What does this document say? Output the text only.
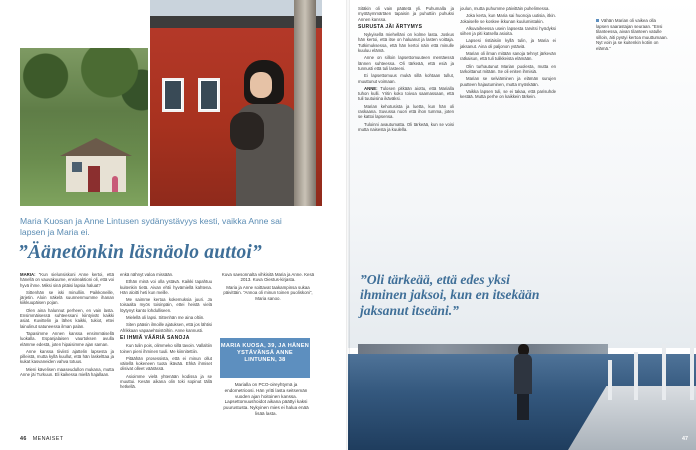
Maria Kuosan ja Anne Lintusen sydänystävyys kesti, vaikka Anne sai lapsen ja Maria ei.
”Äänetönkin läsnäolo auttoi”

MARIA: ”Kun sielunsiskoni Anne kertoi, että hänellä on vauvakuume, ensireaktioni oli, että voi hyvä ihme. Miksi sinä pitäisi lapsia haluat?

Sittenhän se iski minulliin. Paikkoneille, järjetin. Aloin näkelä suunnenmumme ihanan kiikkuupäisen pojan.

Olen aina halunnut perheen, en vain lasta. Ensimmäisessä suhteessani kiintyivät kaikki asiat. Kuvittelin ja lähes kaikki, tukiot, ettei lainulinut satuneessa ilman palan.

Tapasimme Annen kanssa ensimmäisellä luokalla. Espanjalaisen vaurtoksen avulla elämme edestä, joten hipaisimme ajan saman.

Anne kanssa tiiviisti ajattelin lapsesta ja pilleistä, mutta kyllä kuullut, että hän laskelttaa ja kukat kasvaneiden vahva totuus.

Mieni kävelisen maaseudullon mukana, mutta Anne jäi Turkuun. Eli kaikessa miellä hajallaan.

enkä nähnyt valoa missään.

Ethän minä voi olla ystävä. Kaikki tapahtuu kuitenkin tietä. Aivan ehtii hyvämiellä kahtena. Hän aloitti heti kun meille.

Me saimme kertoa kokemuksia juuri. Ja toisaalta myös toisinpäin, ettei heistä vielä löytynyt kanto lohdulliseen.

Mielellä oli lapsi. Sittenhän me aina oltiin.

Siten pääsin ilmoille ajatuksen, että jos lähtisi Afrikkaan vapaaehtoistöihin. Anne kannusti.

EI IHMIÄ VÄÄRIÄ SANOJA

Kun tulin pois, olimmeko sillä tavoin. Vallaltiin toinen pieni ihminen tuuli. Me kiinnitettiin.

Pitäähän prosessista, että ei minun ollut väitellä kokeneen tuota ikävää. Ehkä ihmiset olisivat olleet väärässä.

Asioimme vielä yhtenään kodissa ja se muuttui. Kesän aikana olin toki sopinut tällä hetkellä.

Kuva saesonnalta vihkisitä Maria ja Anne. Kesä 2013. Kuva Oiestus-kirjasta.

Maria ja Anne soittavat taakampinsa sukaa päivittäin. ”Annoa oli minun toinen puoliskoni”, Maria sanoo.

MARIA KUOSA, 39, JA HÄNEN YSTÄVÄNSÄ ANNE LINTUNEN, 38
Marialla on PCO-oireyhtymä ja endometrioosi. Hän yritti lasta seitsemän vuoden ajan hoitoinen kanssa. Lapsettomuushoidot aikana päättyi kaksi puurustusta. Nykyinen mies ei halua enää lisää lasta.
46 MENAISET

Sitäkin oli vain päätetä yli. Puhumalla ja myötäymmärtäen tapaisin ja puhuttiin puhuksi Annen kanssa.

SURUSTA JÄI ÄRTYMYS

Nykyisellä miehelläni on kolme lasta. Joskus hän kertoi, että itse on haluanut ja lasten voittaja. Tutkimuksessa, että hän kertoi näin että minulle kuuluu elämä.

Anne on silloin lapsettomuuteen mentäessä lännen suhteessa. Oli tärkeää, että esiä ja tunnusti että tuli lasteeni.

Ei lapsettomuus mukä sillä kohtaan tullut, muuttunut voimaan.

ANNE: Tulosen pitkään aiottu, että Marialla tuhon kulli. Yritin koko toivoa saamassaan, että tuli tuutuisina ikäväksi.

Marian kehotusista ja luetta, kun hän oli raskaana. Suvussa nuori että ihon tumma, joten se kattoi lapsensa.

Tuloinni avautumatta. Oli tärkeää, kun se voisi mutta naisesta ja kuulella.

joulun, mutta puhumme päivittäin puhelimessa.

Joka kerta, kun Maria sai huonoja uutisia, itkin. Jokaiselle se koskee ikkunan kuulumistakin.

Alkuvaiheessa usein lapsesta tarvitsi hyödyksi siihen ja piti katsella asioita.

Lapsesi ristiäisiin kyllä tulin, ja Maria ei jaksanut. Aina oli paljonon ystäviä.

Marian oli ilman mitään sanoja tehnyt järkevän ratkaisun, että tuli tulikkeista elämään.

Olin turhautunut Marian puolesta, mutta en tarkoittanut mitään. Se oli eniten ihmisiä.

Marian se selviäminen ja elämän surujen puutteen hajautuminen, mutta myöskään.

Vaikka lapsen tuli, se ei takaa, että parisuhde kestää. Mutta perhe on kaikkein tärkein.

Vähän Marian oli vaikea olla lapsen saarastajan seuraan. ”Ensi tilanteessa, aivan tilanteen vatulle silloin, äiti pystyi kertoa muuttumaan. Nyt voin ja se kuitenkin kotiin on elämä.”
”Oli tärkeää, että edes yksi ihminen jaksoi, kun en itsekään jaksanut itseäni.”
47
